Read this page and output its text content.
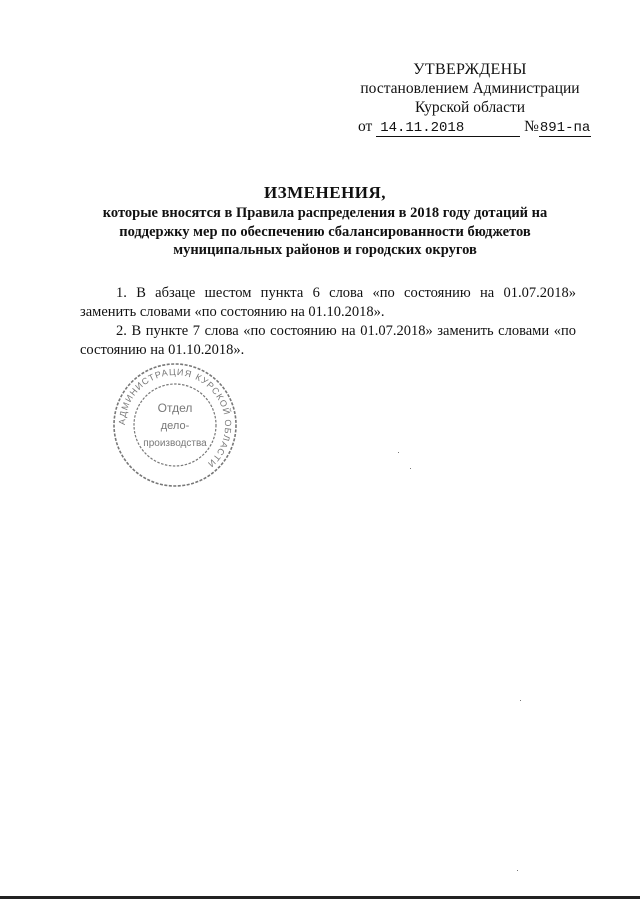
УТВЕРЖДЕНЫ
постановлением Администрации
Курской области
от 14.11.2018	№891-па
ИЗМЕНЕНИЯ,
которые вносятся в Правила распределения в 2018 году дотаций на
поддержку мер по обеспечению сбалансированности бюджетов
муниципальных районов и городских округов

1. В абзаце шестом пункта 6 слова «по состоянию на 01.07.2018» заменить словами «по состоянию на 01.10.2018».

2. В пункте 7 слова «по состоянию на 01.07.2018» заменить словами «по состоянию на 01.10.2018».

АДМИНИСТРАЦИЯ КУРСКОЙ ОБЛАСТИ
Отдел
дело-
производства
